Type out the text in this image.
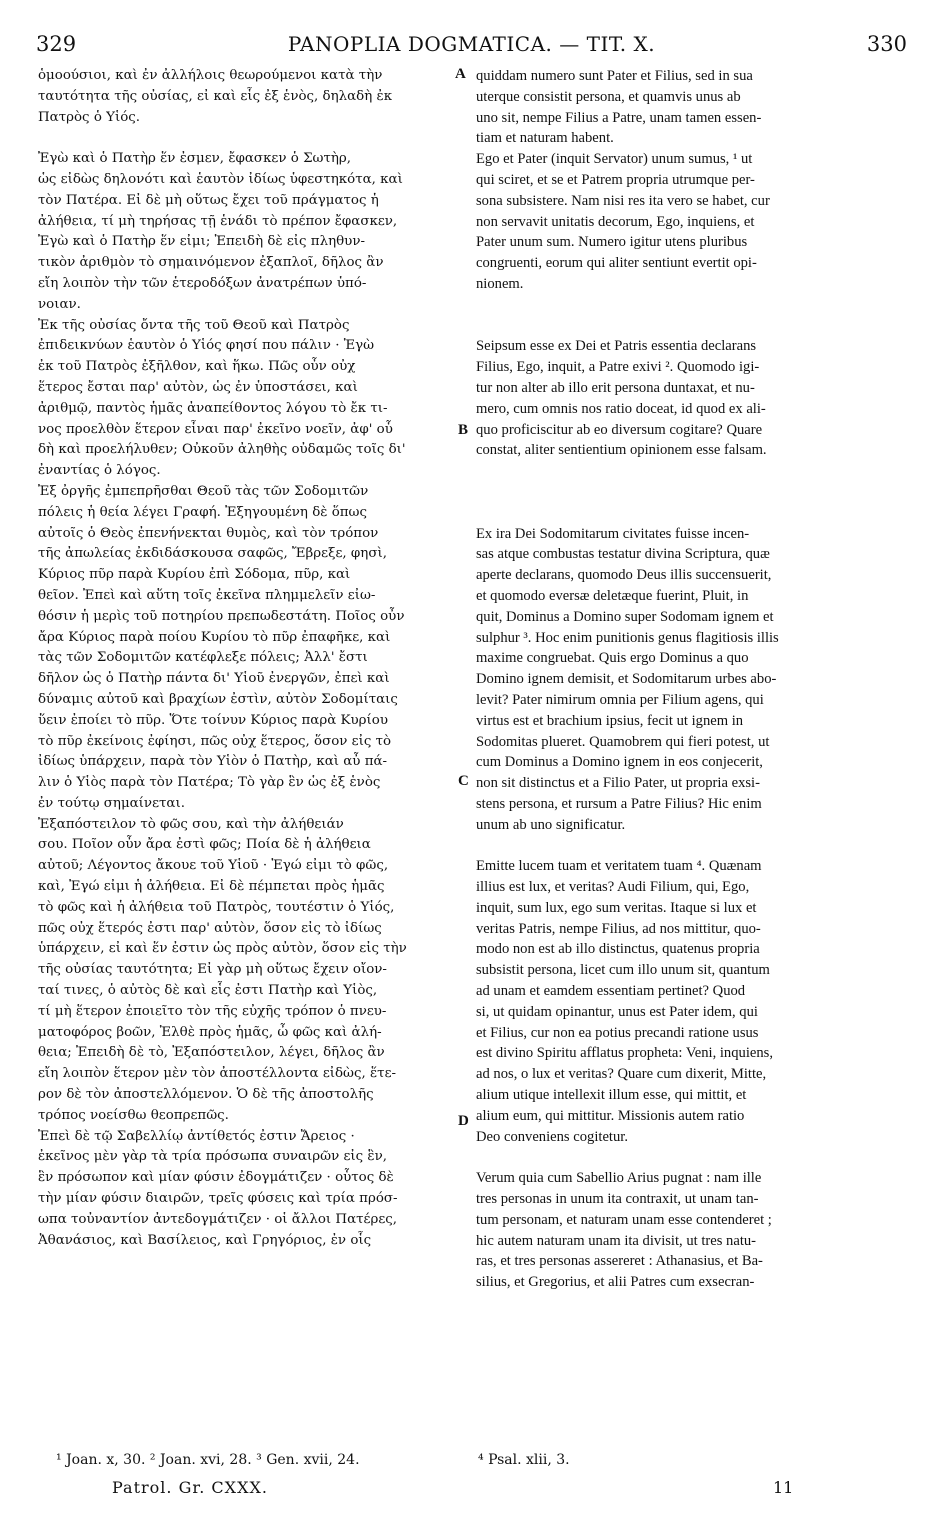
329	PANOPLIA DOGMATICA. — TIT. X.	330
A
B
C
D
ὁμοούσιοι, καὶ ἐν ἀλλήλοις θεωρούμενοι κατὰ τὴν
ταυτότητα τῆς οὐσίας, εἰ καὶ εἷς ἐξ ἑνὸς, δηλαδὴ ἐκ
Πατρὸς ὁ Υἱός.
Ἐγὼ καὶ ὁ Πατὴρ ἕν ἐσμεν, ἔφασκεν ὁ Σωτὴρ,
ὡς εἰδὼς δηλονότι καὶ ἑαυτὸν ἰδίως ὑφεστηκότα, καὶ
τὸν Πατέρα. Εἰ δὲ μὴ οὕτως ἔχει τοῦ πράγματος ἡ
ἀλήθεια, τί μὴ τηρήσας τῇ ἑνάδι τὸ πρέπον ἔφασκεν,
Ἐγὼ καὶ ὁ Πατὴρ ἕν εἰμι; Ἐπειδὴ δὲ εἰς πληθυν-
τικὸν ἀριθμὸν τὸ σημαινόμενον ἐξαπλοῖ, δῆλος ἂν
εἴη λοιπὸν τὴν τῶν ἑτεροδόξων ἀνατρέπων ὑπό-
νοιαν.
Ἐκ τῆς οὐσίας ὄντα τῆς τοῦ Θεοῦ καὶ Πατρὸς
ἐπιδεικνύων ἑαυτὸν ὁ Υἱός φησί που πάλιν · Ἐγὼ
ἐκ τοῦ Πατρὸς ἐξῆλθον, καὶ ἥκω. Πῶς οὖν οὐχ
ἕτερος ἔσται παρ' αὐτὸν, ὡς ἐν ὑποστάσει, καὶ
ἀριθμῷ, παντὸς ἡμᾶς ἀναπείθοντος λόγου τὸ ἔκ τι-
νος προελθὸν ἕτερον εἶναι παρ' ἐκεῖνο νοεῖν, ἀφ' οὗ
δὴ καὶ προελήλυθεν; Οὐκοῦν ἀληθὴς οὐδαμῶς τοῖς δι'
ἐναντίας ὁ λόγος.
Ἐξ ὀργῆς ἐμπεπρῆσθαι Θεοῦ τὰς τῶν Σοδομιτῶν
πόλεις ἡ θεία λέγει Γραφή. Ἐξηγουμένη δὲ ὅπως
αὐτοῖς ὁ Θεὸς ἐπενήνεκται θυμὸς, καὶ τὸν τρόπον
τῆς ἀπωλείας ἐκδιδάσκουσα σαφῶς, Ἔβρεξε, φησὶ,
Κύριος πῦρ παρὰ Κυρίου ἐπὶ Σόδομα, πῦρ, καὶ
θεῖον. Ἐπεὶ καὶ αὕτη τοῖς ἐκεῖνα πλημμελεῖν εἰω-
θόσιν ἡ μερὶς τοῦ ποτηρίου πρεπωδεστάτη. Ποῖος οὖν
ἄρα Κύριος παρὰ ποίου Κυρίου τὸ πῦρ ἐπαφῆκε, καὶ
τὰς τῶν Σοδομιτῶν κατέφλεξε πόλεις; Ἀλλ' ἔστι
δῆλον ὡς ὁ Πατὴρ πάντα δι' Υἱοῦ ἐνεργῶν, ἐπεὶ καὶ
δύναμις αὐτοῦ καὶ βραχίων ἐστὶν, αὐτὸν Σοδομίταις
ὕειν ἐποίει τὸ πῦρ. Ὅτε τοίνυν Κύριος παρὰ Κυρίου
τὸ πῦρ ἐκείνοις ἐφίησι, πῶς οὐχ ἕτερος, ὅσον εἰς τὸ
ἰδίως ὑπάρχειν, παρὰ τὸν Υἱὸν ὁ Πατὴρ, καὶ αὖ πά-
λιν ὁ Υἱὸς παρὰ τὸν Πατέρα; Τὸ γὰρ ἓν ὡς ἐξ ἑνὸς
ἐν τούτῳ σημαίνεται.
Ἐξαπόστειλον τὸ φῶς σου, καὶ τὴν ἀλήθειάν
σου. Ποῖον οὖν ἄρα ἐστὶ φῶς; Ποία δὲ ἡ ἀλήθεια
αὐτοῦ; Λέγοντος ἄκουε τοῦ Υἱοῦ · Ἐγώ εἰμι τὸ φῶς,
καὶ, Ἐγώ εἰμι ἡ ἀλήθεια. Εἰ δὲ πέμπεται πρὸς ἡμᾶς
τὸ φῶς καὶ ἡ ἀλήθεια τοῦ Πατρὸς, τουτέστιν ὁ Υἱός,
πῶς οὐχ ἕτερός ἐστι παρ' αὐτὸν, ὅσον εἰς τὸ ἰδίως
ὑπάρχειν, εἰ καὶ ἕν ἐστιν ὡς πρὸς αὐτὸν, ὅσον εἰς τὴν
τῆς οὐσίας ταυτότητα; Εἰ γὰρ μὴ οὕτως ἔχειν οἴον-
ταί τινες, ὁ αὐτὸς δὲ καὶ εἷς ἐστι Πατὴρ καὶ Υἱὸς,
τί μὴ ἕτερον ἐποιεῖτο τὸν τῆς εὐχῆς τρόπον ὁ πνευ-
ματοφόρος βοῶν, Ἐλθὲ πρὸς ἡμᾶς, ὦ φῶς καὶ ἀλή-
θεια; Ἐπειδὴ δὲ τὸ, Ἐξαπόστειλον, λέγει, δῆλος ἂν
εἴη λοιπὸν ἕτερον μὲν τὸν ἀποστέλλοντα εἰδὼς, ἕτε-
ρον δὲ τὸν ἀποστελλόμενον. Ὁ δὲ τῆς ἀποστολῆς
τρόπος νοείσθω θεοπρεπῶς.
Ἐπεὶ δὲ τῷ Σαβελλίῳ ἀντίθετός ἐστιν Ἄρειος ·
ἐκεῖνος μὲν γὰρ τὰ τρία πρόσωπα συναιρῶν εἰς ἓν,
ἓν πρόσωπον καὶ μίαν φύσιν ἐδογμάτιζεν · οὗτος δὲ
τὴν μίαν φύσιν διαιρῶν, τρεῖς φύσεις καὶ τρία πρόσ-
ωπα τοὐναντίον ἀντεδογμάτιζεν · οἱ ἄλλοι Πατέρες,
Ἀθανάσιος, καὶ Βασίλειος, καὶ Γρηγόριος, ἐν οἷς
quiddam numero sunt Pater et Filius, sed in sua
uterque consistit persona, et quamvis unus ab
uno sit, nempe Filius a Patre, unam tamen essen-
tiam et naturam habent.
Ego et Pater (inquit Servator) unum sumus, ¹ ut
qui sciret, et se et Patrem propria utrumque per-
sona subsistere. Nam nisi res ita vero se habet, cur
non servavit unitatis decorum, Ego, inquiens, et
Pater unum sum. Numero igitur utens pluribus
congruenti, eorum qui aliter sentiunt evertit opi-
nionem.
Seipsum esse ex Dei et Patris essentia declarans
Filius, Ego, inquit, a Patre exivi ². Quomodo igi-
tur non alter ab illo erit persona duntaxat, et nu-
mero, cum omnis nos ratio doceat, id quod ex ali-
quo proficiscitur ab eo diversum cogitare? Quare
constat, aliter sentientium opinionem esse falsam.
Ex ira Dei Sodomitarum civitates fuisse incen-
sas atque combustas testatur divina Scriptura, quæ
aperte declarans, quomodo Deus illis succensuerit,
et quomodo eversæ deletæque fuerint, Pluit, in
quit, Dominus a Domino super Sodomam ignem et
sulphur ³. Hoc enim punitionis genus flagitiosis illis
maxime congruebat. Quis ergo Dominus a quo
Domino ignem demisit, et Sodomitarum urbes abo-
levit? Pater nimirum omnia per Filium agens, qui
virtus est et brachium ipsius, fecit ut ignem in
Sodomitas plueret. Quamobrem qui fieri potest, ut
cum Dominus a Domino ignem in eos conjecerit,
non sit distinctus et a Filio Pater, ut propria exsi-
stens persona, et rursum a Patre Filius? Hic enim
unum ab uno significatur.
Emitte lucem tuam et veritatem tuam ⁴. Quænam
illius est lux, et veritas? Audi Filium, qui, Ego,
inquit, sum lux, ego sum veritas. Itaque si lux et
veritas Patris, nempe Filius, ad nos mittitur, quo-
modo non est ab illo distinctus, quatenus propria
subsistit persona, licet cum illo unum sit, quantum
ad unam et eamdem essentiam pertinet? Quod
si, ut quidam opinantur, unus est Pater idem, qui
et Filius, cur non ea potius precandi ratione usus
est divino Spiritu afflatus propheta: Veni, inquiens,
ad nos, o lux et veritas? Quare cum dixerit, Mitte,
alium utique intellexit illum esse, qui mittit, et
alium eum, qui mittitur. Missionis autem ratio
Deo conveniens cogitetur.
Verum quia cum Sabellio Arius pugnat : nam ille
tres personas in unum ita contraxit, ut unam tan-
tum personam, et naturam unam esse contenderet ;
hic autem naturam unam ita divisit, ut tres natu-
ras, et tres personas assereret : Athanasius, et Ba-
silius, et Gregorius, et alii Patres cum exsecran-
¹ Joan. x, 30. ² Joan. xvi, 28. ³ Gen. xvii, 24.	⁴ Psal. xlii, 3.
Patrol. Gr. CXXX.	11
